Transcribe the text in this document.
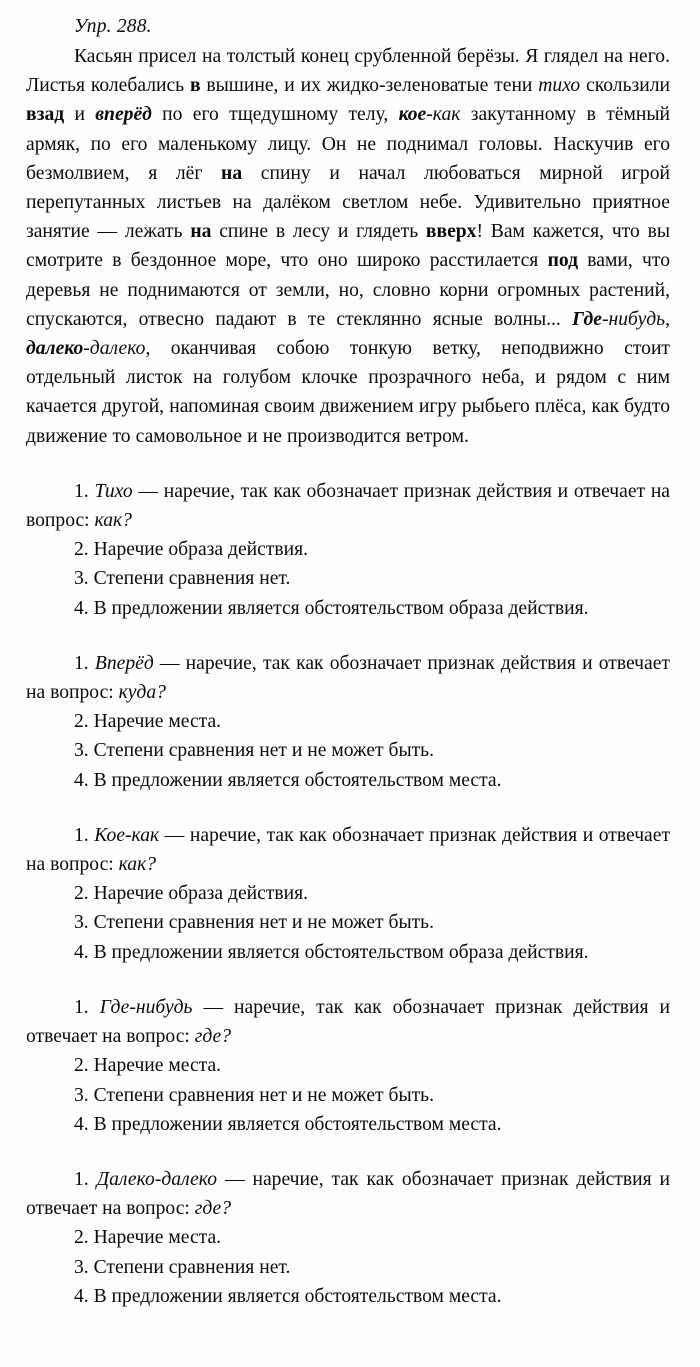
Упр. 288.

Касьян присел на толстый конец срубленной берёзы. Я глядел на него. Листья колебались в вышине, и их жидко-зеленоватые тени тихо скользили взад и вперёд по его тщедушному телу, кое-как закутанному в тёмный армяк, по его маленькому лицу. Он не поднимал головы. Наскучив его безмолвием, я лёг на спину и начал любоваться мирной игрой перепутанных листьев на далёком светлом небе. Удивительно приятное занятие — лежать на спине в лесу и глядеть вверх! Вам кажется, что вы смотрите в бездонное море, что оно широко расстилается под вами, что деревья не поднимаются от земли, но, словно корни огромных растений, спускаются, отвесно падают в те стеклянно ясные волны... Где-нибудь, далеко-далеко, оканчивая собою тонкую ветку, неподвижно стоит отдельный листок на голубом клочке прозрачного неба, и рядом с ним качается другой, напоминая своим движением игру рыбьего плёса, как будто движение то самовольное и не производится ветром.

1. Тихо — наречие, так как обозначает признак действия и отвечает на вопрос: как?

2. Наречие образа действия.

3. Степени сравнения нет.

4. В предложении является обстоятельством образа действия.

1. Вперёд — наречие, так как обозначает признак действия и отвечает на вопрос: куда?

2. Наречие места.

3. Степени сравнения нет и не может быть.

4. В предложении является обстоятельством места.

1. Кое-как — наречие, так как обозначает признак действия и отвечает на вопрос: как?

2. Наречие образа действия.

3. Степени сравнения нет и не может быть.

4. В предложении является обстоятельством образа действия.

1. Где-нибудь — наречие, так как обозначает признак действия и отвечает на вопрос: где?

2. Наречие места.

3. Степени сравнения нет и не может быть.

4. В предложении является обстоятельством места.

1. Далеко-далеко — наречие, так как обозначает признак действия и отвечает на вопрос: где?

2. Наречие места.

3. Степени сравнения нет.

4. В предложении является обстоятельством места.
